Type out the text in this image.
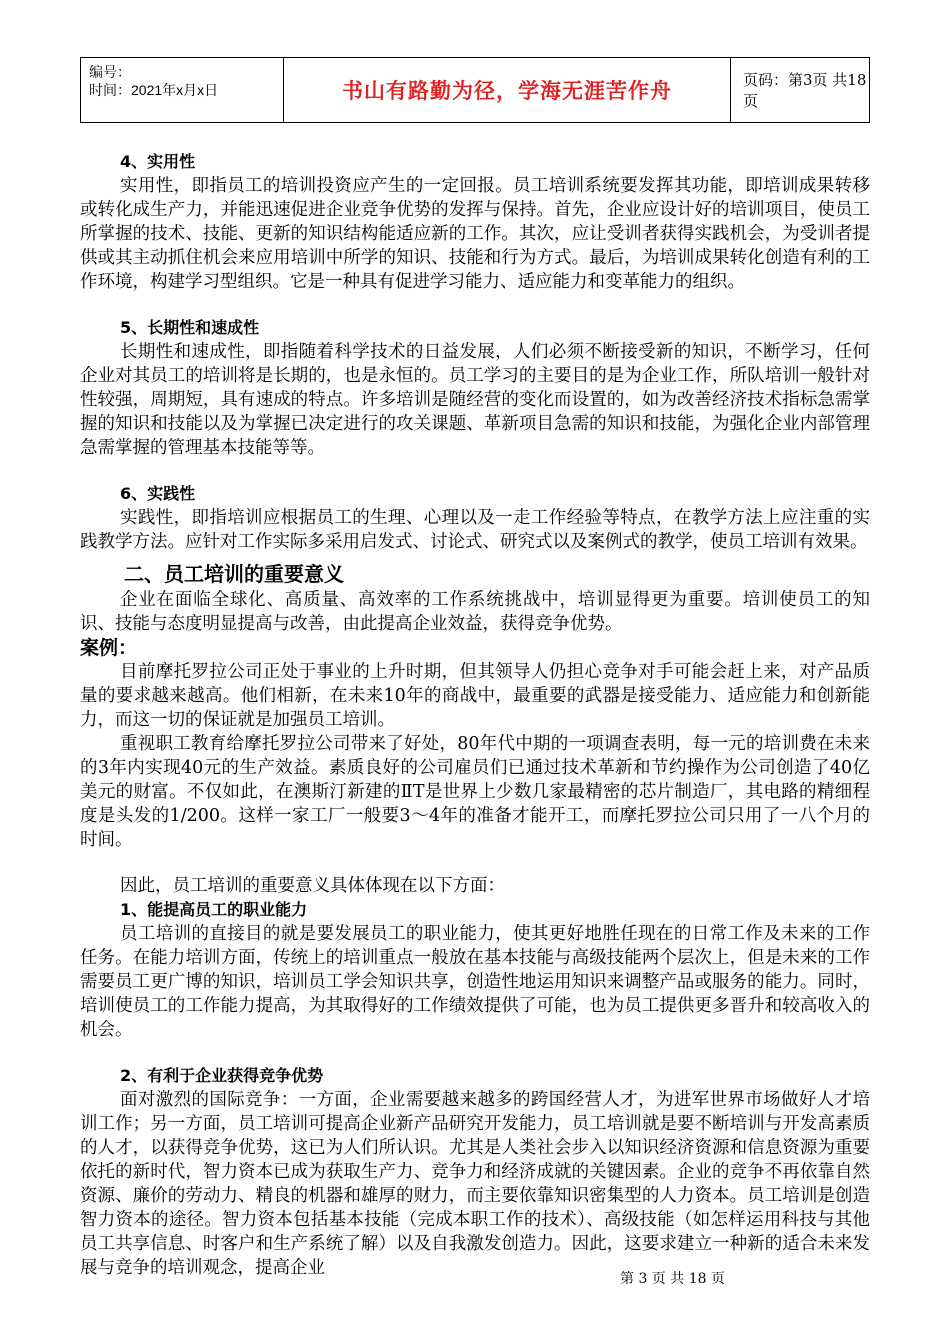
编号：
时间：2021年x月x日	书山有路勤为径，学海无涯苦作舟	页码：第3页 共18页
4、实用性

实用性，即指员工的培训投资应产生的一定回报。员工培训系统要发挥其功能，即培训成果转移或转化成生产力，并能迅速促进企业竞争优势的发挥与保持。首先，企业应设计好的培训项目，使员工所掌握的技术、技能、更新的知识结构能适应新的工作。其次，应让受训者获得实践机会，为受训者提供或其主动抓住机会来应用培训中所学的知识、技能和行为方式。最后，为培训成果转化创造有利的工作环境，构建学习型组织。它是一种具有促进学习能力、适应能力和变革能力的组织。

5、长期性和速成性

长期性和速成性，即指随着科学技术的日益发展，人们必须不断接受新的知识，不断学习，任何企业对其员工的培训将是长期的，也是永恒的。员工学习的主要目的是为企业工作，所队培训一般针对性较强，周期短，具有速成的特点。许多培训是随经营的变化而设置的，如为改善经济技术指标急需掌握的知识和技能以及为掌握已决定进行的攻关课题、革新项目急需的知识和技能，为强化企业内部管理急需掌握的管理基本技能等等。

6、实践性

实践性，即指培训应根据员工的生理、心理以及一走工作经验等特点，在教学方法上应注重的实践教学方法。应针对工作实际多采用启发式、讨论式、研究式以及案例式的教学，使员工培训有效果。

二、员工培训的重要意义

企业在面临全球化、高质量、高效率的工作系统挑战中，培训显得更为重要。培训使员工的知识、技能与态度明显提高与改善，由此提高企业效益，获得竞争优势。

案例：

目前摩托罗拉公司正处于事业的上升时期，但其领导人仍担心竞争对手可能会赶上来，对产品质量的要求越来越高。他们相新，在未来10年的商战中，最重要的武器是接受能力、适应能力和创新能力，而这一切的保证就是加强员工培训。

重视职工教育给摩托罗拉公司带来了好处，80年代中期的一项调查表明，每一元的培训费在未来的3年内实现40元的生产效益。素质良好的公司雇员们已通过技术革新和节约操作为公司创造了40亿美元的财富。不仅如此，在澳斯汀新建的ⅡT是世界上少数几家最精密的芯片制造厂，其电路的精细程度是头发的1/200。这样一家工厂一般要3～4年的准备才能开工，而摩托罗拉公司只用了一八个月的时间。

因此，员工培训的重要意义具体体现在以下方面：

1、能提高员工的职业能力

员工培训的直接目的就是要发展员工的职业能力，使其更好地胜任现在的日常工作及未来的工作任务。在能力培训方面，传统上的培训重点一般放在基本技能与高级技能两个层次上，但是未来的工作需要员工更广博的知识，培训员工学会知识共享，创造性地运用知识来调整产品或服务的能力。同时，培训使员工的工作能力提高，为其取得好的工作绩效提供了可能，也为员工提供更多晋升和较高收入的机会。

2、有利于企业获得竞争优势

面对激烈的国际竞争：一方面，企业需要越来越多的跨国经营人才，为进军世界市场做好人才培训工作；另一方面，员工培训可提高企业新产品研究开发能力，员工培训就是要不断培训与开发高素质的人才，以获得竞争优势，这已为人们所认识。尤其是人类社会步入以知识经济资源和信息资源为重要依托的新时代，智力资本已成为获取生产力、竞争力和经济成就的关键因素。企业的竞争不再依靠自然资源、廉价的劳动力、精良的机器和雄厚的财力，而主要依靠知识密集型的人力资本。员工培训是创造智力资本的途径。智力资本包括基本技能（完成本职工作的技术）、高级技能（如怎样运用科技与其他员工共享信息、时客户和生产系统了解）以及自我激发创造力。因此，这要求建立一种新的适合未来发展与竞争的培训观念，提高企业

第 3 页 共 18 页
